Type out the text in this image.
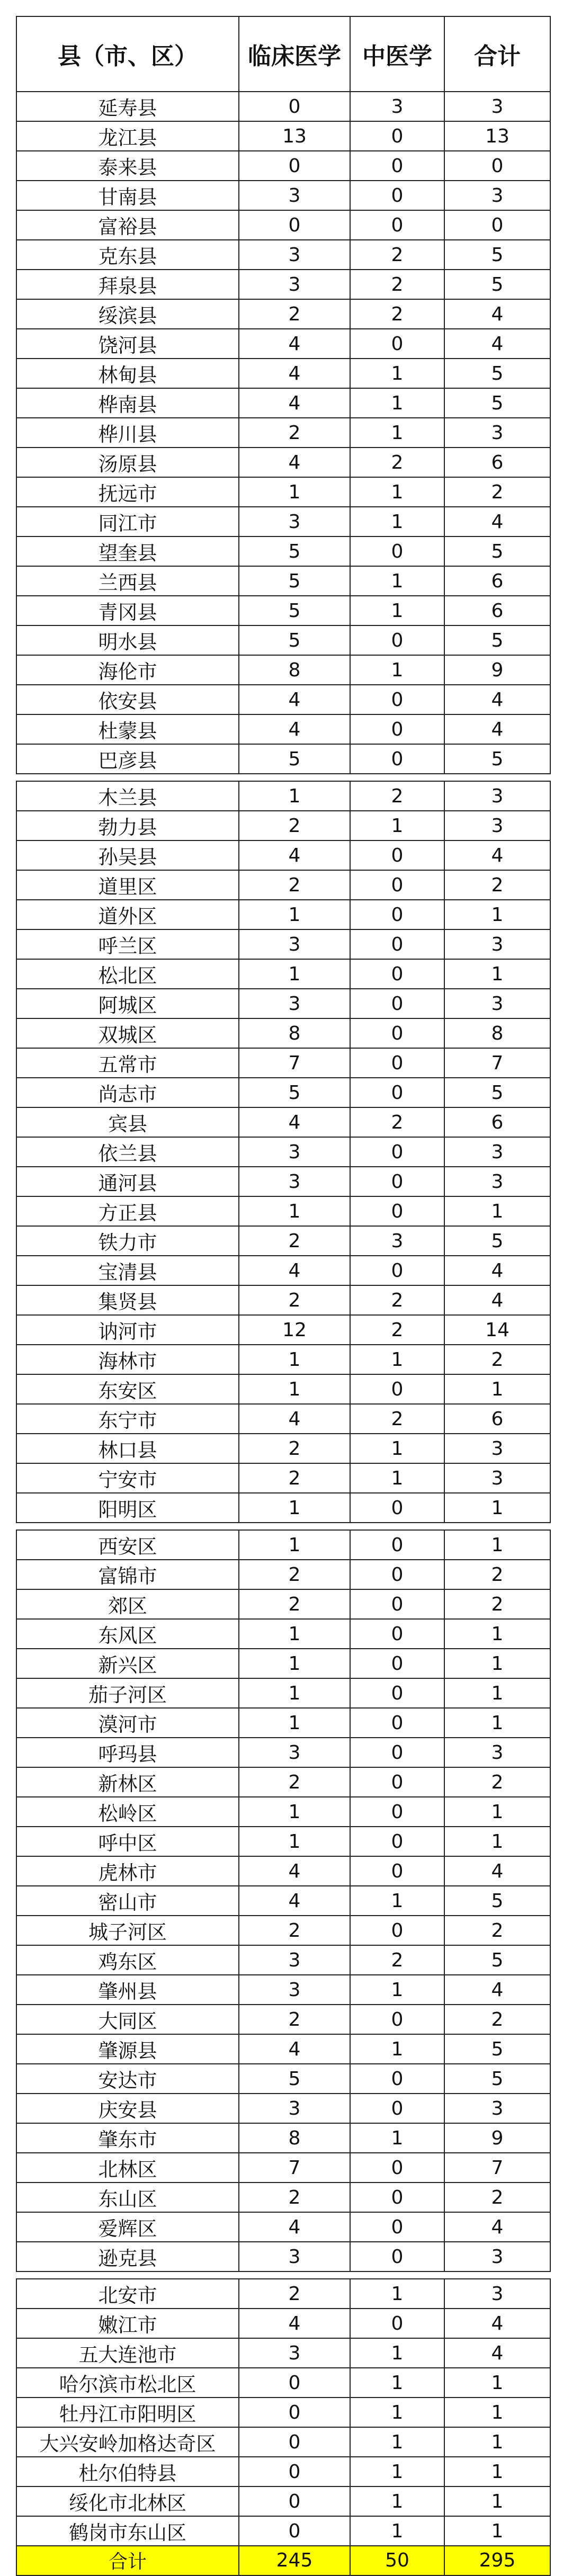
县（市、区）	临床医学	中医学	合计
延寿县	0	3	3
龙江县	13	0	13
泰来县	0	0	0
甘南县	3	0	3
富裕县	0	0	0
克东县	3	2	5
拜泉县	3	2	5
绥滨县	2	2	4
饶河县	4	0	4
林甸县	4	1	5
桦南县	4	1	5
桦川县	2	1	3
汤原县	4	2	6
抚远市	1	1	2
同江市	3	1	4
望奎县	5	0	5
兰西县	5	1	6
青冈县	5	1	6
明水县	5	0	5
海伦市	8	1	9
依安县	4	0	4
杜蒙县	4	0	4
巴彦县	5	0	5

木兰县	1	2	3
勃力县	2	1	3
孙吴县	4	0	4
道里区	2	0	2
道外区	1	0	1
呼兰区	3	0	3
松北区	1	0	1
阿城区	3	0	3
双城区	8	0	8
五常市	7	0	7
尚志市	5	0	5
宾县	4	2	6
依兰县	3	0	3
通河县	3	0	3
方正县	1	0	1
铁力市	2	3	5
宝清县	4	0	4
集贤县	2	2	4
讷河市	12	2	14
海林市	1	1	2
东安区	1	0	1
东宁市	4	2	6
林口县	2	1	3
宁安市	2	1	3
阳明区	1	0	1

西安区	1	0	1
富锦市	2	0	2
郊区	2	0	2
东风区	1	0	1
新兴区	1	0	1
茄子河区	1	0	1
漠河市	1	0	1
呼玛县	3	0	3
新林区	2	0	2
松岭区	1	0	1
呼中区	1	0	1
虎林市	4	0	4
密山市	4	1	5
城子河区	2	0	2
鸡东区	3	2	5
肇州县	3	1	4
大同区	2	0	2
肇源县	4	1	5
安达市	5	0	5
庆安县	3	0	3
肇东市	8	1	9
北林区	7	0	7
东山区	2	0	2
爱辉区	4	0	4
逊克县	3	0	3

北安市	2	1	3
嫩江市	4	0	4
五大连池市	3	1	4
哈尔滨市松北区	0	1	1
牡丹江市阳明区	0	1	1
大兴安岭加格达奇区	0	1	1
杜尔伯特县	0	1	1
绥化市北林区	0	1	1
鹤岗市东山区	0	1	1
合计	245	50	295
